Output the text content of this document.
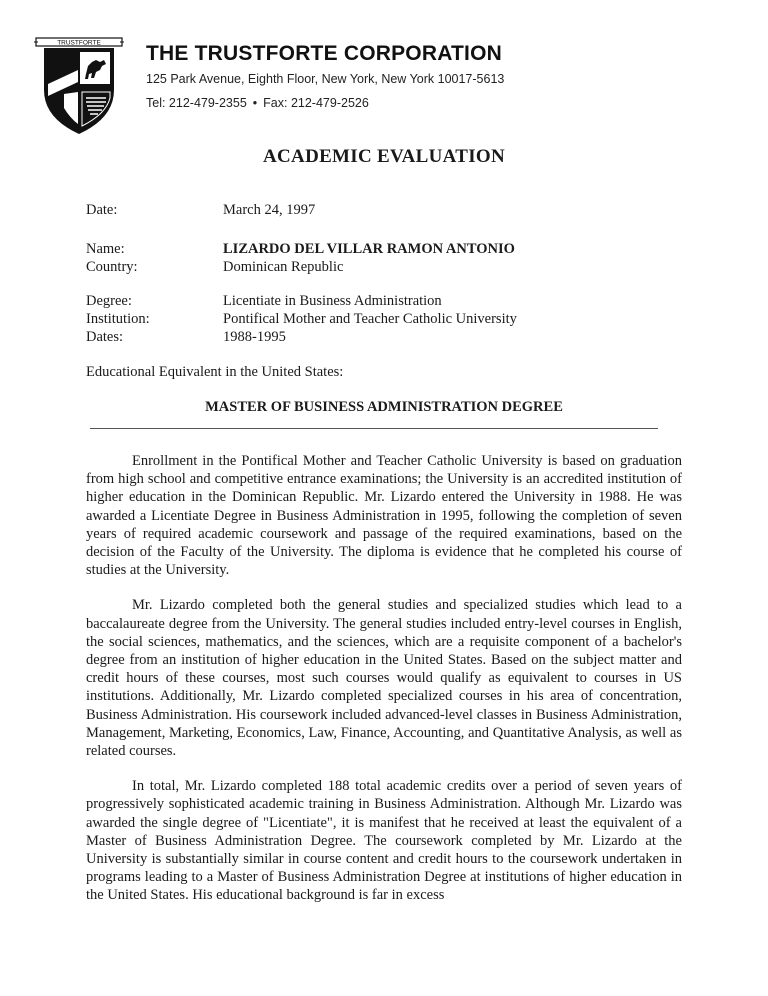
TRUSTFORTE THE TRUSTFORTE CORPORATION
125 Park Avenue, Eighth Floor, New York, New York 10017-5613
Tel: 212-479-2355 • Fax: 212-479-2526
ACADEMIC EVALUATION
Date:	March 24, 1997
Name:	LIZARDO DEL VILLAR RAMON ANTONIO
Country:	Dominican Republic
Degree:	Licentiate in Business Administration
Institution:	Pontifical Mother and Teacher Catholic University
Dates:	1988-1995
Educational Equivalent in the United States:
MASTER OF BUSINESS ADMINISTRATION DEGREE

Enrollment in the Pontifical Mother and Teacher Catholic University is based on graduation from high school and competitive entrance examinations; the University is an accredited institution of higher education in the Dominican Republic. Mr. Lizardo entered the University in 1988. He was awarded a Licentiate Degree in Business Administration in 1995, following the completion of seven years of required academic coursework and passage of the required examinations, based on the decision of the Faculty of the University. The diploma is evidence that he completed his course of studies at the University.

Mr. Lizardo completed both the general studies and specialized studies which lead to a baccalaureate degree from the University. The general studies included entry-level courses in English, the social sciences, mathematics, and the sciences, which are a requisite component of a bachelor's degree from an institution of higher education in the United States. Based on the subject matter and credit hours of these courses, most such courses would qualify as equivalent to courses in US institutions. Additionally, Mr. Lizardo completed specialized courses in his area of concentration, Business Administration. His coursework included advanced-level classes in Business Administration, Management, Marketing, Economics, Law, Finance, Accounting, and Quantitative Analysis, as well as related courses.

In total, Mr. Lizardo completed 188 total academic credits over a period of seven years of progressively sophisticated academic training in Business Administration. Although Mr. Lizardo was awarded the single degree of "Licentiate", it is manifest that he received at least the equivalent of a Master of Business Administration Degree. The coursework completed by Mr. Lizardo at the University is substantially similar in course content and credit hours to the coursework undertaken in programs leading to a Master of Business Administration Degree at institutions of higher education in the United States. His educational background is far in excess
